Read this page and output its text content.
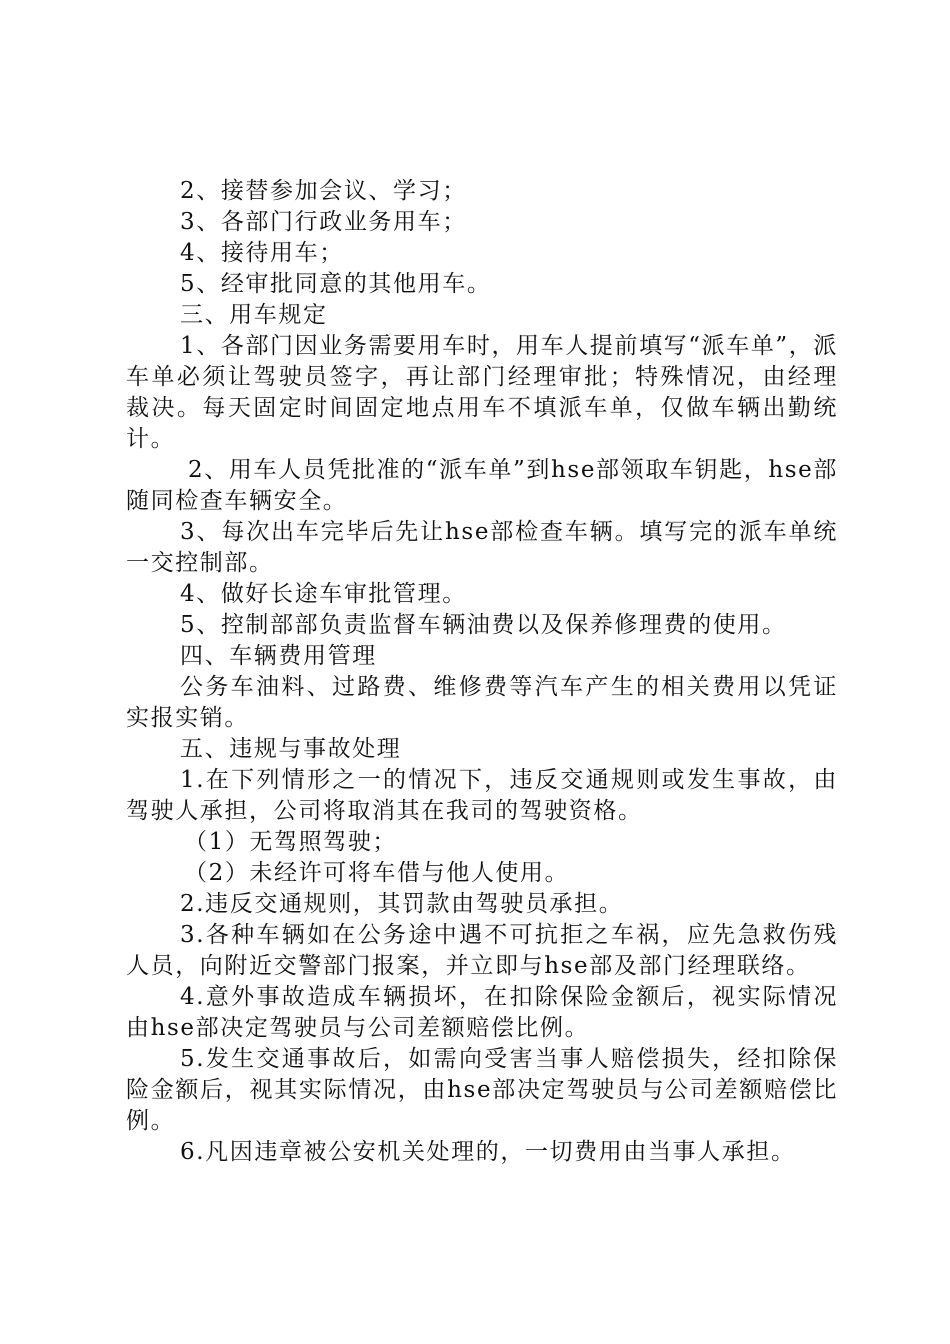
2、接替参加会议、学习；

3、各部门行政业务用车；

4、接待用车；

5、经审批同意的其他用车。

三、用车规定

1、各部门因业务需要用车时，用车人提前填写“派车单”，派车单必须让驾驶员签字，再让部门经理审批；特殊情况，由经理裁决。每天固定时间固定地点用车不填派车单，仅做车辆出勤统计。

2、用车人员凭批准的“派车单”到hse部领取车钥匙，hse部随同检查车辆安全。

3、每次出车完毕后先让hse部检查车辆。填写完的派车单统一交控制部。

4、做好长途车审批管理。

5、控制部部负责监督车辆油费以及保养修理费的使用。

四、车辆费用管理

公务车油料、过路费、维修费等汽车产生的相关费用以凭证实报实销。

五、违规与事故处理

1.在下列情形之一的情况下，违反交通规则或发生事故，由驾驶人承担，公司将取消其在我司的驾驶资格。

（1）无驾照驾驶；

（2）未经许可将车借与他人使用。

2.违反交通规则，其罚款由驾驶员承担。

3.各种车辆如在公务途中遇不可抗拒之车祸，应先急救伤残人员，向附近交警部门报案，并立即与hse部及部门经理联络。

4.意外事故造成车辆损坏，在扣除保险金额后，视实际情况由hse部决定驾驶员与公司差额赔偿比例。

5.发生交通事故后，如需向受害当事人赔偿损失，经扣除保险金额后，视其实际情况，由hse部决定驾驶员与公司差额赔偿比例。

6.凡因违章被公安机关处理的，一切费用由当事人承担。
